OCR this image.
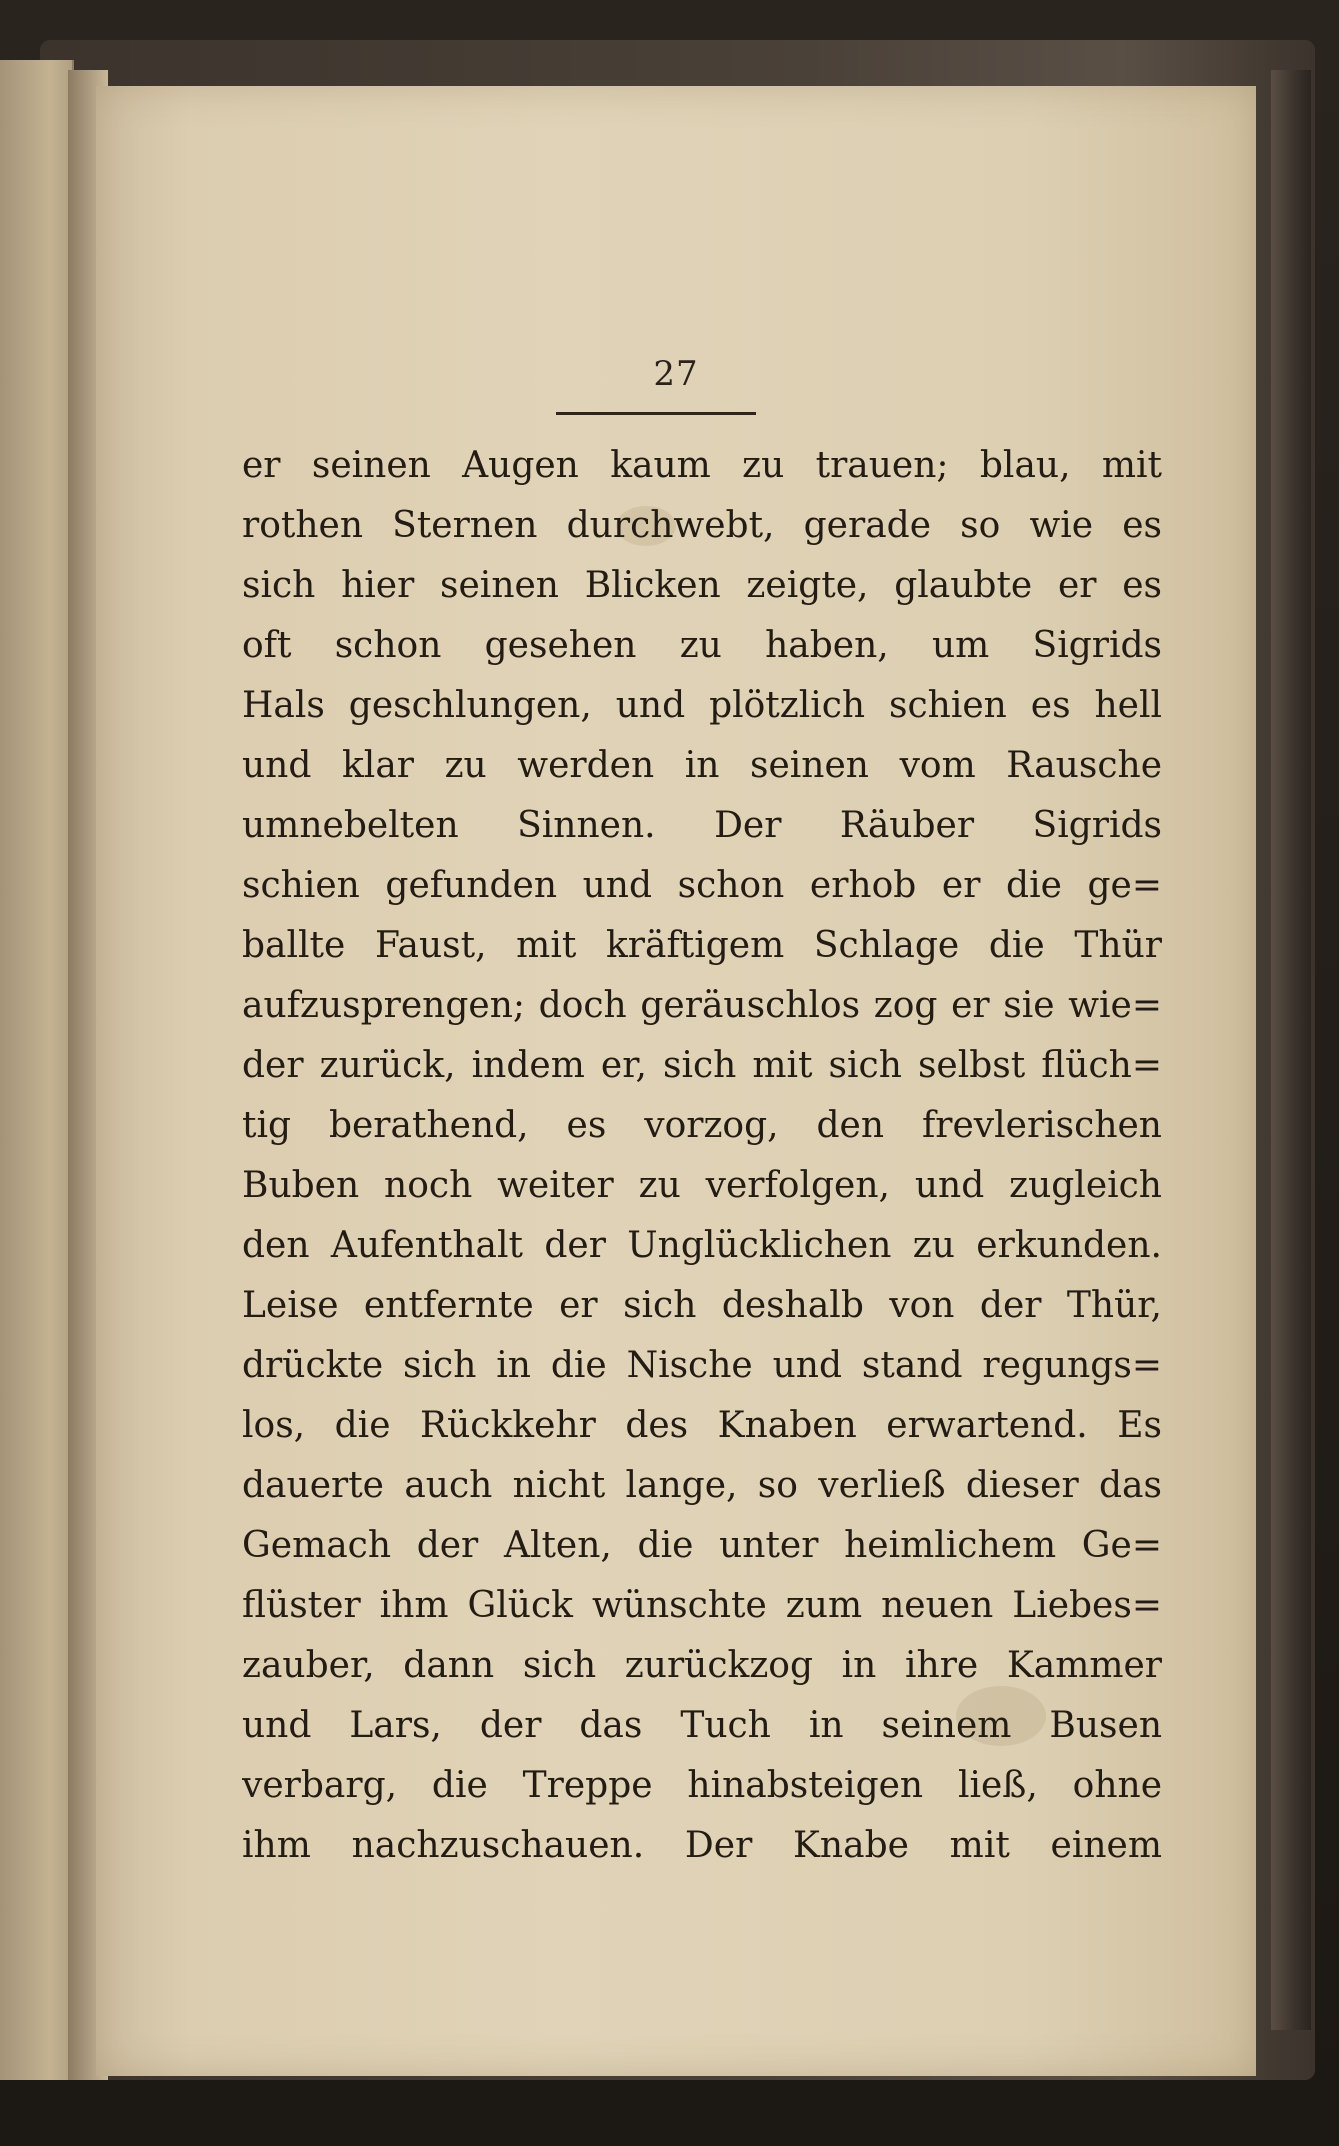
27
er seinen Augen kaum zu trauen; blau, mit
rothen Sternen durchwebt, gerade so wie es
sich hier seinen Blicken zeigte, glaubte er es
oft schon gesehen zu haben, um Sigrids
Hals geschlungen, und plötzlich schien es hell
und klar zu werden in seinen vom Rausche
umnebelten Sinnen. Der Räuber Sigrids
schien gefunden und schon erhob er die ge=
ballte Faust, mit kräftigem Schlage die Thür
aufzusprengen; doch geräuschlos zog er sie wie=
der zurück, indem er, sich mit sich selbst flüch=
tig berathend, es vorzog, den frevlerischen
Buben noch weiter zu verfolgen, und zugleich
den Aufenthalt der Unglücklichen zu erkunden.
Leise entfernte er sich deshalb von der Thür,
drückte sich in die Nische und stand regungs=
los, die Rückkehr des Knaben erwartend. Es
dauerte auch nicht lange, so verließ dieser das
Gemach der Alten, die unter heimlichem Ge=
flüster ihm Glück wünschte zum neuen Liebes=
zauber, dann sich zurückzog in ihre Kammer
und Lars, der das Tuch in seinem Busen
verbarg, die Treppe hinabsteigen ließ, ohne
ihm nachzuschauen. Der Knabe mit einem
